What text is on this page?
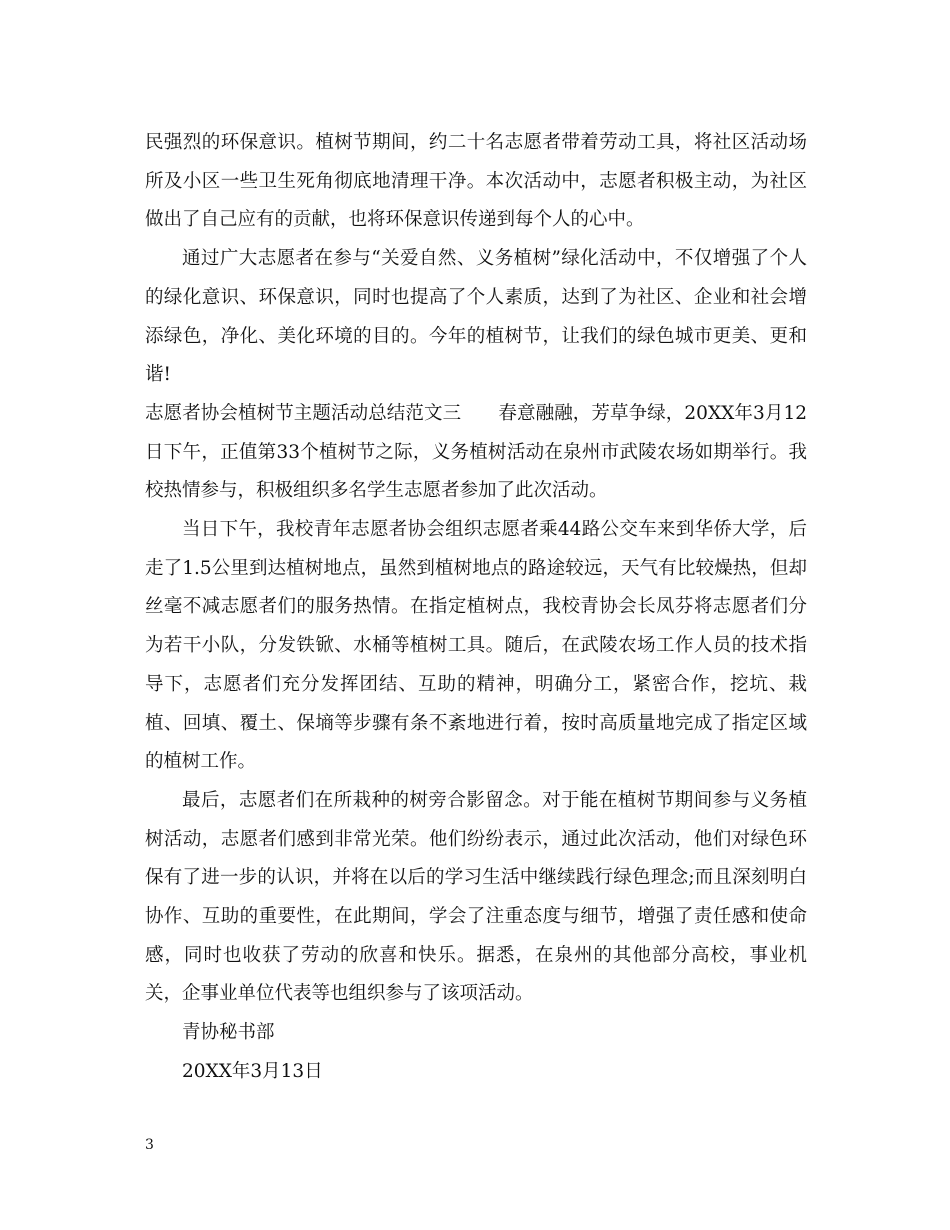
民强烈的环保意识。植树节期间，约二十名志愿者带着劳动工具，将社区活动场所及小区一些卫生死角彻底地清理干净。本次活动中，志愿者积极主动，为社区做出了自己应有的贡献，也将环保意识传递到每个人的心中。

通过广大志愿者在参与“关爱自然、义务植树”绿化活动中，不仅增强了个人的绿化意识、环保意识，同时也提高了个人素质，达到了为社区、企业和社会增添绿色，净化、美化环境的目的。今年的植树节，让我们的绿色城市更美、更和谐!

志愿者协会植树节主题活动总结范文三　　春意融融，芳草争绿，20XX年3月12日下午，正值第33个植树节之际，义务植树活动在泉州市武陵农场如期举行。我校热情参与，积极组织多名学生志愿者参加了此次活动。

当日下午，我校青年志愿者协会组织志愿者乘44路公交车来到华侨大学，后走了1.5公里到达植树地点，虽然到植树地点的路途较远，天气有比较燥热，但却丝毫不减志愿者们的服务热情。在指定植树点，我校青协会长凤芬将志愿者们分为若干小队，分发铁锨、水桶等植树工具。随后，在武陵农场工作人员的技术指导下，志愿者们充分发挥团结、互助的精神，明确分工，紧密合作，挖坑、栽植、回填、覆土、保墒等步骤有条不紊地进行着，按时高质量地完成了指定区域的植树工作。

最后，志愿者们在所栽种的树旁合影留念。对于能在植树节期间参与义务植树活动，志愿者们感到非常光荣。他们纷纷表示，通过此次活动，他们对绿色环保有了进一步的认识，并将在以后的学习生活中继续践行绿色理念;而且深刻明白协作、互助的重要性，在此期间，学会了注重态度与细节，增强了责任感和使命感，同时也收获了劳动的欣喜和快乐。据悉，在泉州的其他部分高校，事业机关，企事业单位代表等也组织参与了该项活动。

青协秘书部

20XX年3月13日

3
